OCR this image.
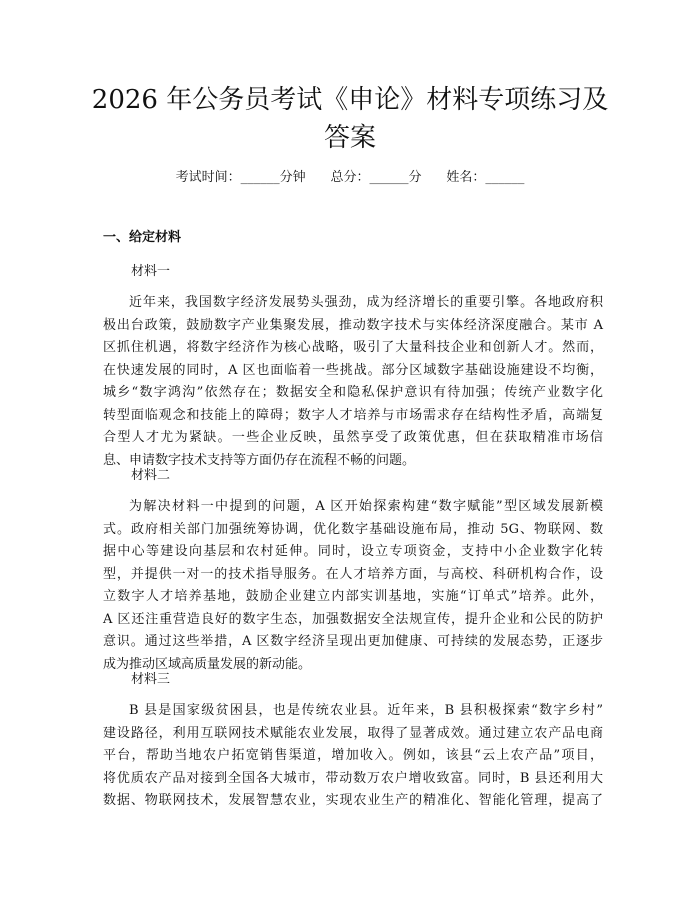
2026 年公务员考试《申论》材料专项练习及
答案
考试时间：______分钟 总分：______分 姓名：______
一、给定材料
材料一
近年来，我国数字经济发展势头强劲，成为经济增长的重要引擎。各地政府积
极出台政策，鼓励数字产业集聚发展，推动数字技术与实体经济深度融合。某市 A
区抓住机遇，将数字经济作为核心战略，吸引了大量科技企业和创新人才。然而，
在快速发展的同时，A 区也面临着一些挑战。部分区域数字基础设施建设不均衡，
城乡“数字鸿沟”依然存在；数据安全和隐私保护意识有待加强；传统产业数字化
转型面临观念和技能上的障碍；数字人才培养与市场需求存在结构性矛盾，高端复
合型人才尤为紧缺。一些企业反映，虽然享受了政策优惠，但在获取精准市场信
息、申请数字技术支持等方面仍存在流程不畅的问题。
材料二
为解决材料一中提到的问题，A 区开始探索构建“数字赋能”型区域发展新模
式。政府相关部门加强统筹协调，优化数字基础设施布局，推动 5G、物联网、数
据中心等建设向基层和农村延伸。同时，设立专项资金，支持中小企业数字化转
型，并提供一对一的技术指导服务。在人才培养方面，与高校、科研机构合作，设
立数字人才培养基地，鼓励企业建立内部实训基地，实施“订单式”培养。此外，
A 区还注重营造良好的数字生态，加强数据安全法规宣传，提升企业和公民的防护
意识。通过这些举措，A 区数字经济呈现出更加健康、可持续的发展态势，正逐步
成为推动区域高质量发展的新动能。
材料三
B 县是国家级贫困县，也是传统农业县。近年来，B 县积极探索“数字乡村”
建设路径，利用互联网技术赋能农业发展，取得了显著成效。通过建立农产品电商
平台，帮助当地农户拓宽销售渠道，增加收入。例如，该县“云上农产品”项目，
将优质农产品对接到全国各大城市，带动数万农户增收致富。同时，B 县还利用大
数据、物联网技术，发展智慧农业，实现农业生产的精准化、智能化管理，提高了
